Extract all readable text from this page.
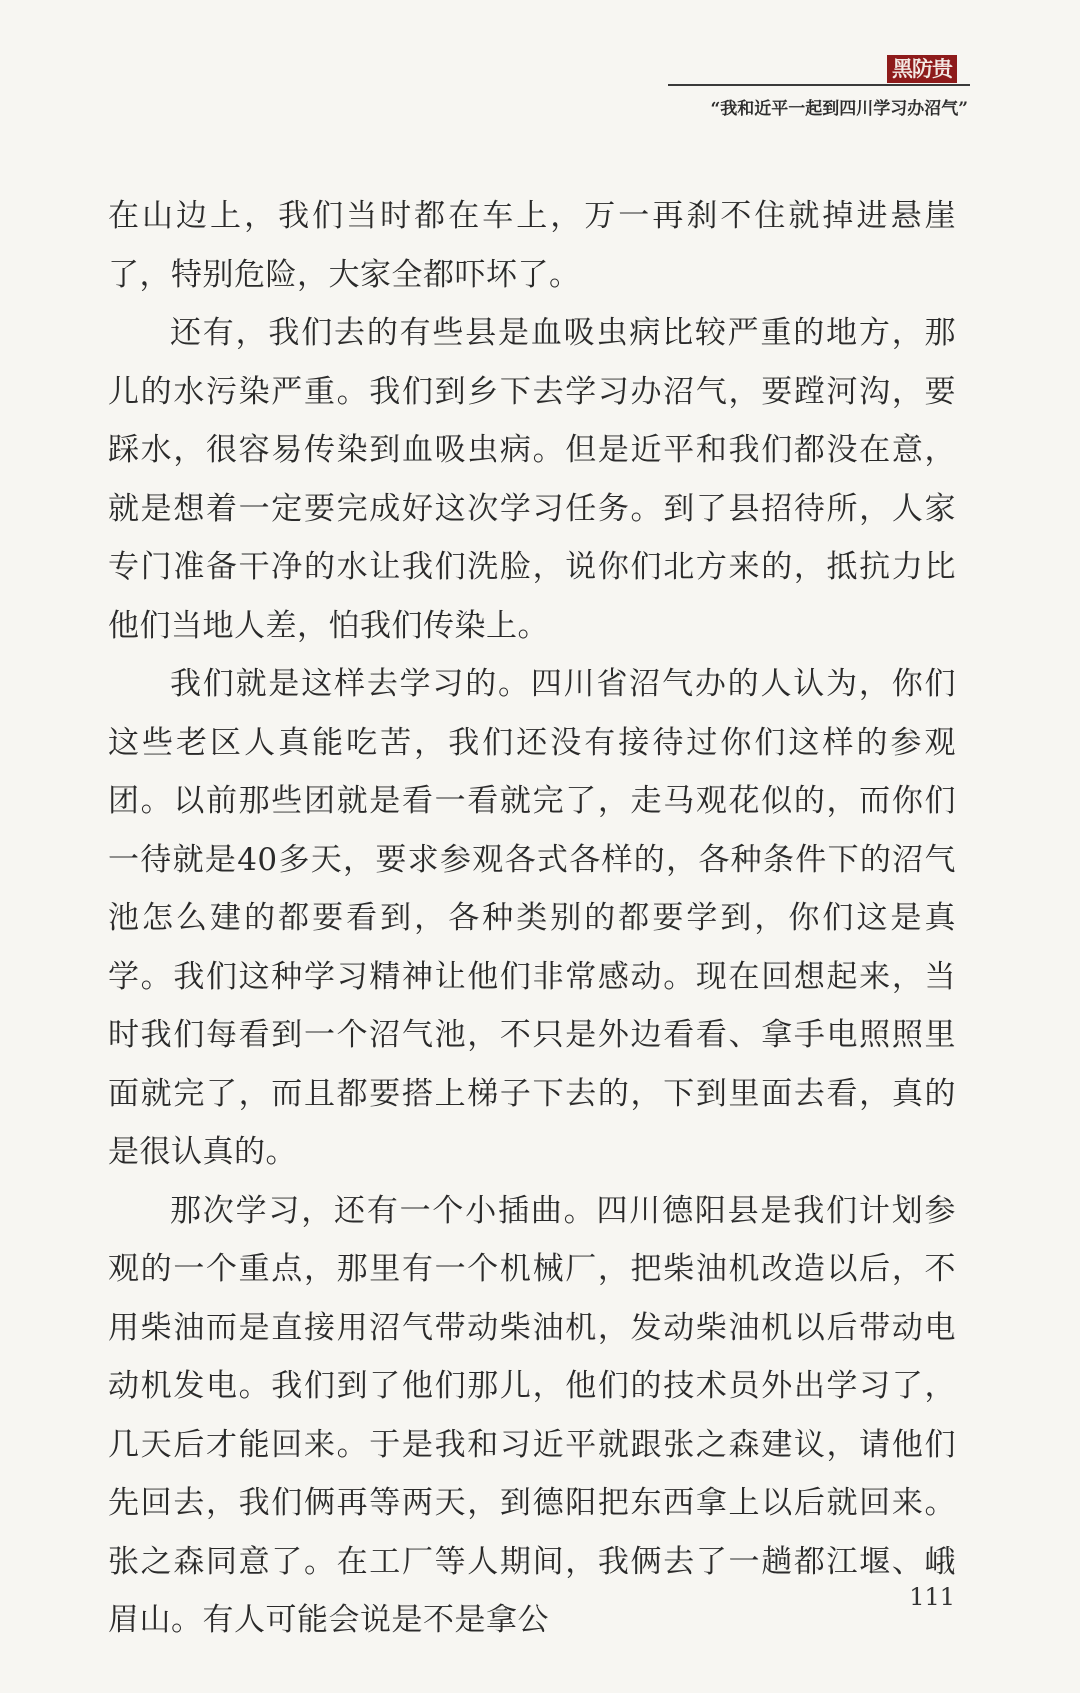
黑防贵
“我和近平一起到四川学习办沼气”

在山边上，我们当时都在车上，万一再刹不住就掉进悬崖了，特别危险，大家全都吓坏了。

还有，我们去的有些县是血吸虫病比较严重的地方，那儿的水污染严重。我们到乡下去学习办沼气，要蹚河沟，要踩水，很容易传染到血吸虫病。但是近平和我们都没在意，就是想着一定要完成好这次学习任务。到了县招待所，人家专门准备干净的水让我们洗脸，说你们北方来的，抵抗力比他们当地人差，怕我们传染上。

我们就是这样去学习的。四川省沼气办的人认为，你们这些老区人真能吃苦，我们还没有接待过你们这样的参观团。以前那些团就是看一看就完了，走马观花似的，而你们一待就是40多天，要求参观各式各样的，各种条件下的沼气池怎么建的都要看到，各种类别的都要学到，你们这是真学。我们这种学习精神让他们非常感动。现在回想起来，当时我们每看到一个沼气池，不只是外边看看、拿手电照照里面就完了，而且都要搭上梯子下去的，下到里面去看，真的是很认真的。

那次学习，还有一个小插曲。四川德阳县是我们计划参观的一个重点，那里有一个机械厂，把柴油机改造以后，不用柴油而是直接用沼气带动柴油机，发动柴油机以后带动电动机发电。我们到了他们那儿，他们的技术员外出学习了，几天后才能回来。于是我和习近平就跟张之森建议，请他们先回去，我们俩再等两天，到德阳把东西拿上以后就回来。张之森同意了。在工厂等人期间，我俩去了一趟都江堰、峨眉山。有人可能会说是不是拿公

111
